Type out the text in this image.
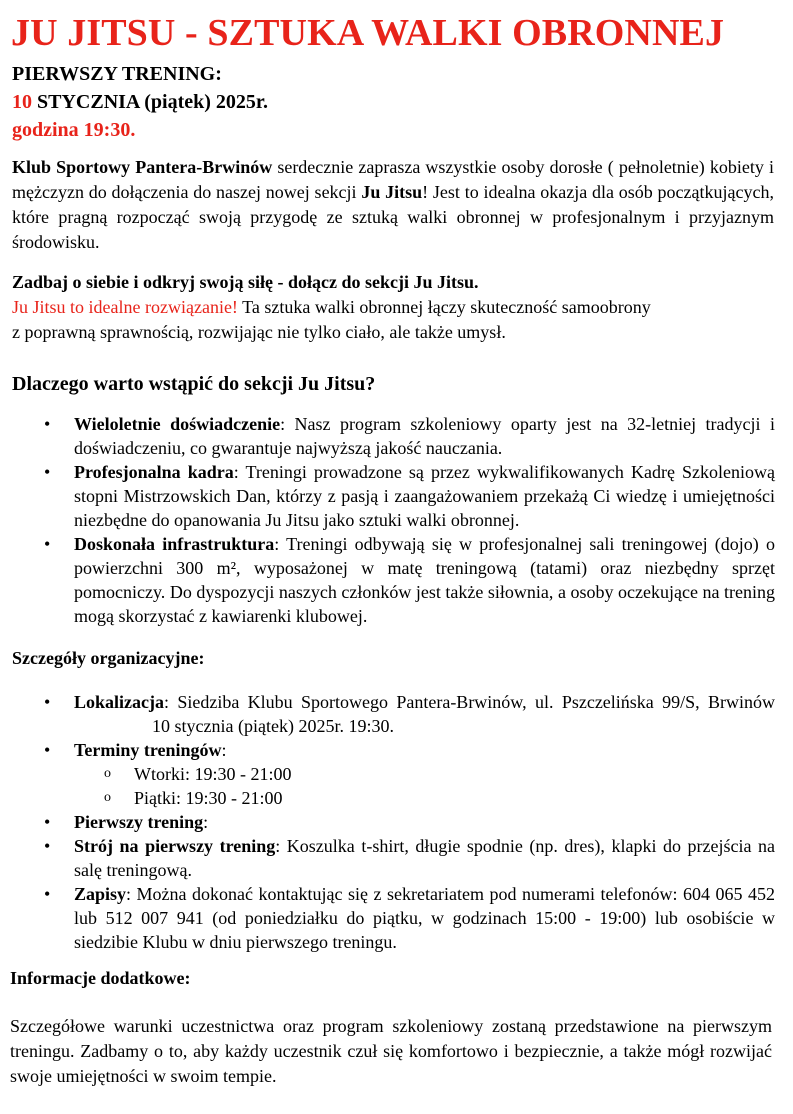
JU JITSU - SZTUKA WALKI OBRONNEJ
PIERWSZY TRENING:
10 STYCZNIA (piątek) 2025r.
godzina 19:30.
Klub Sportowy Pantera-Brwinów serdecznie zaprasza wszystkie osoby dorosłe ( pełnoletnie) kobiety i mężczyzn do dołączenia do naszej nowej sekcji Ju Jitsu! Jest to idealna okazja dla osób początkujących, które pragną rozpocząć swoją przygodę ze sztuką walki obronnej w profesjonalnym i przyjaznym środowisku.
Zadbaj o siebie i odkryj swoją siłę - dołącz do sekcji Ju Jitsu.
Ju Jitsu to idealne rozwiązanie! Ta sztuka walki obronnej łączy skuteczność samoobrony
z poprawną sprawnością, rozwijając nie tylko ciało, ale także umysł.
Dlaczego warto wstąpić do sekcji Ju Jitsu?
• Wieloletnie doświadczenie: Nasz program szkoleniowy oparty jest na 32-letniej tradycji i doświadczeniu, co gwarantuje najwyższą jakość nauczania.
• Profesjonalna kadra: Treningi prowadzone są przez wykwalifikowanych Kadrę Szkoleniową stopni Mistrzowskich Dan, którzy z pasją i zaangażowaniem przekażą Ci wiedzę i umiejętności niezbędne do opanowania Ju Jitsu jako sztuki walki obronnej.
• Doskonała infrastruktura: Treningi odbywają się w profesjonalnej sali treningowej (dojo) o powierzchni 300 m², wyposażonej w matę treningową (tatami) oraz niezbędny sprzęt pomocniczy. Do dyspozycji naszych członków jest także siłownia, a osoby oczekujące na trening mogą skorzystać z kawiarenki klubowej.
Szczegóły organizacyjne:
• Lokalizacja: Siedziba Klubu Sportowego Pantera-Brwinów, ul. Pszczelińska 99/S, Brwinów10 stycznia (piątek) 2025r. 19:30.
• Terminy treningów:
o Wtorki: 19:30 - 21:00
o Piątki: 19:30 - 21:00
• Pierwszy trening:
• Strój na pierwszy trening: Koszulka t-shirt, długie spodnie (np. dres), klapki do przejścia na salę treningową.
• Zapisy: Można dokonać kontaktując się z sekretariatem pod numerami telefonów: 604 065 452 lub 512 007 941 (od poniedziałku do piątku, w godzinach 15:00 - 19:00) lub osobiście w siedzibie Klubu w dniu pierwszego treningu.
Informacje dodatkowe:
Szczegółowe warunki uczestnictwa oraz program szkoleniowy zostaną przedstawione na pierwszym treningu. Zadbamy o to, aby każdy uczestnik czuł się komfortowo i bezpiecznie, a także mógł rozwijać swoje umiejętności w swoim tempie.
